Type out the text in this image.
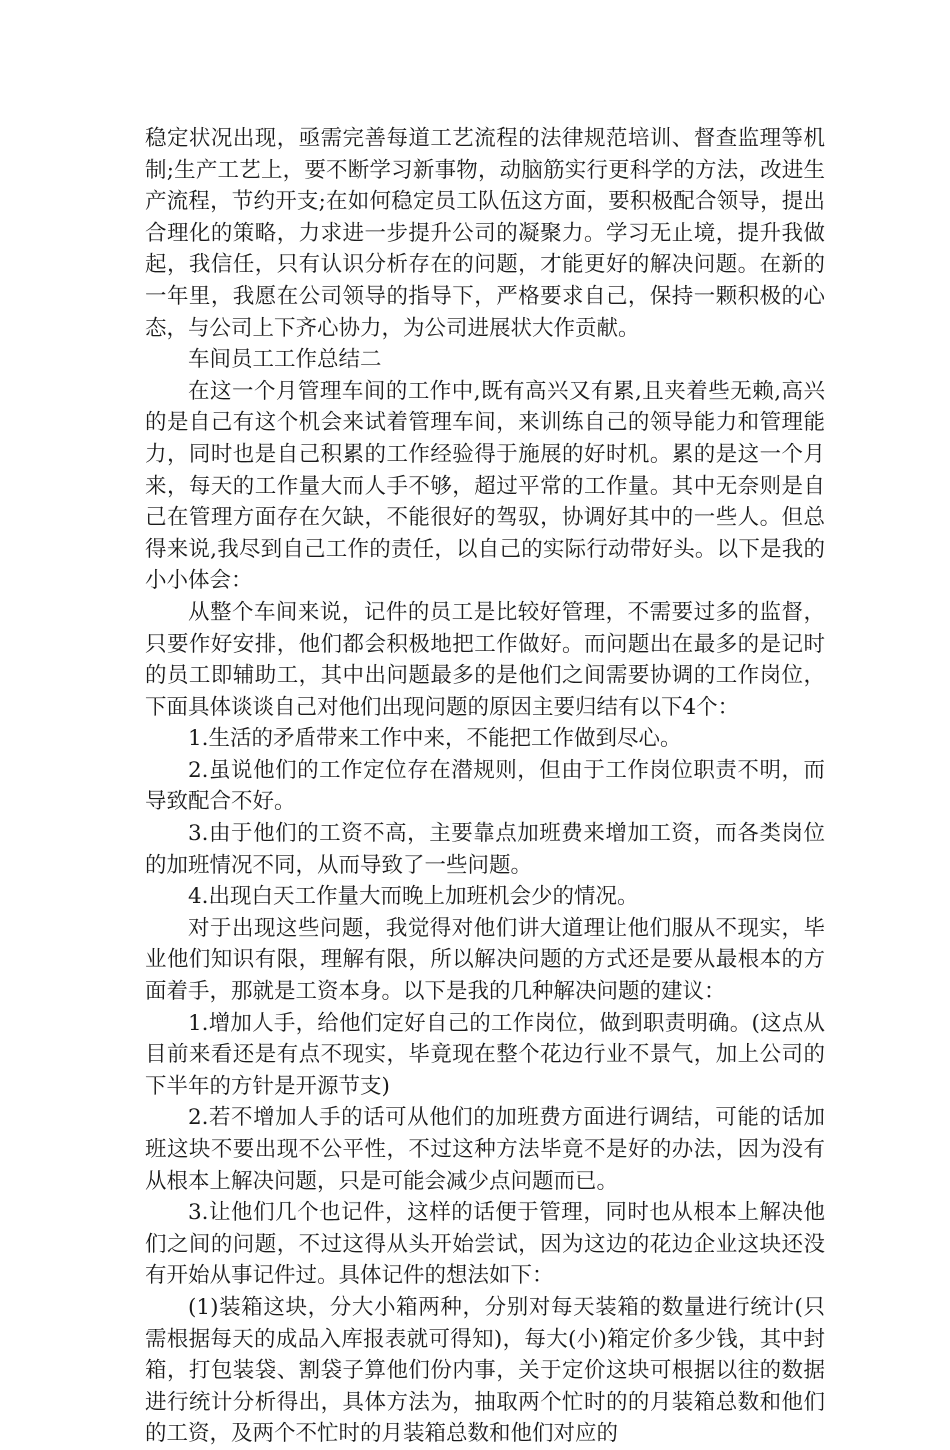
稳定状况出现，亟需完善每道工艺流程的法律规范培训、督查监理等机制;生产工艺上，要不断学习新事物，动脑筋实行更科学的方法，改进生产流程，节约开支;在如何稳定员工队伍这方面，要积极配合领导，提出合理化的策略，力求进一步提升公司的凝聚力。学习无止境，提升我做起，我信任，只有认识分析存在的问题，才能更好的解决问题。在新的一年里，我愿在公司领导的指导下，严格要求自己，保持一颗积极的心态，与公司上下齐心协力，为公司进展状大作贡献。

车间员工工作总结二

在这一个月管理车间的工作中,既有高兴又有累,且夹着些无赖,高兴的是自己有这个机会来试着管理车间，来训练自己的领导能力和管理能力，同时也是自己积累的工作经验得于施展的好时机。累的是这一个月来，每天的工作量大而人手不够，超过平常的工作量。其中无奈则是自己在管理方面存在欠缺，不能很好的驾驭，协调好其中的一些人。但总得来说,我尽到自己工作的责任，以自己的实际行动带好头。以下是我的小小体会：

从整个车间来说，记件的员工是比较好管理，不需要过多的监督，只要作好安排，他们都会积极地把工作做好。而问题出在最多的是记时的员工即辅助工，其中出问题最多的是他们之间需要协调的工作岗位，下面具体谈谈自己对他们出现问题的原因主要归结有以下4个：

1.生活的矛盾带来工作中来，不能把工作做到尽心。

2.虽说他们的工作定位存在潜规则，但由于工作岗位职责不明，而导致配合不好。

3.由于他们的工资不高，主要靠点加班费来增加工资，而各类岗位的加班情况不同，从而导致了一些问题。

4.出现白天工作量大而晚上加班机会少的情况。

对于出现这些问题，我觉得对他们讲大道理让他们服从不现实，毕业他们知识有限，理解有限，所以解决问题的方式还是要从最根本的方面着手，那就是工资本身。以下是我的几种解决问题的建议：

1.增加人手，给他们定好自己的工作岗位，做到职责明确。(这点从目前来看还是有点不现实，毕竟现在整个花边行业不景气，加上公司的下半年的方针是开源节支)

2.若不增加人手的话可从他们的加班费方面进行调结，可能的话加班这块不要出现不公平性，不过这种方法毕竟不是好的办法，因为没有从根本上解决问题，只是可能会减少点问题而已。

3.让他们几个也记件，这样的话便于管理，同时也从根本上解决他们之间的问题，不过这得从头开始尝试，因为这边的花边企业这块还没有开始从事记件过。具体记件的想法如下：

(1)装箱这块，分大小箱两种，分别对每天装箱的数量进行统计(只需根据每天的成品入库报表就可得知)，每大(小)箱定价多少钱，其中封箱，打包装袋、割袋子算他们份内事，关于定价这块可根据以往的数据进行统计分析得出，具体方法为，抽取两个忙时的的月装箱总数和他们的工资，及两个不忙时的月装箱总数和他们对应的
